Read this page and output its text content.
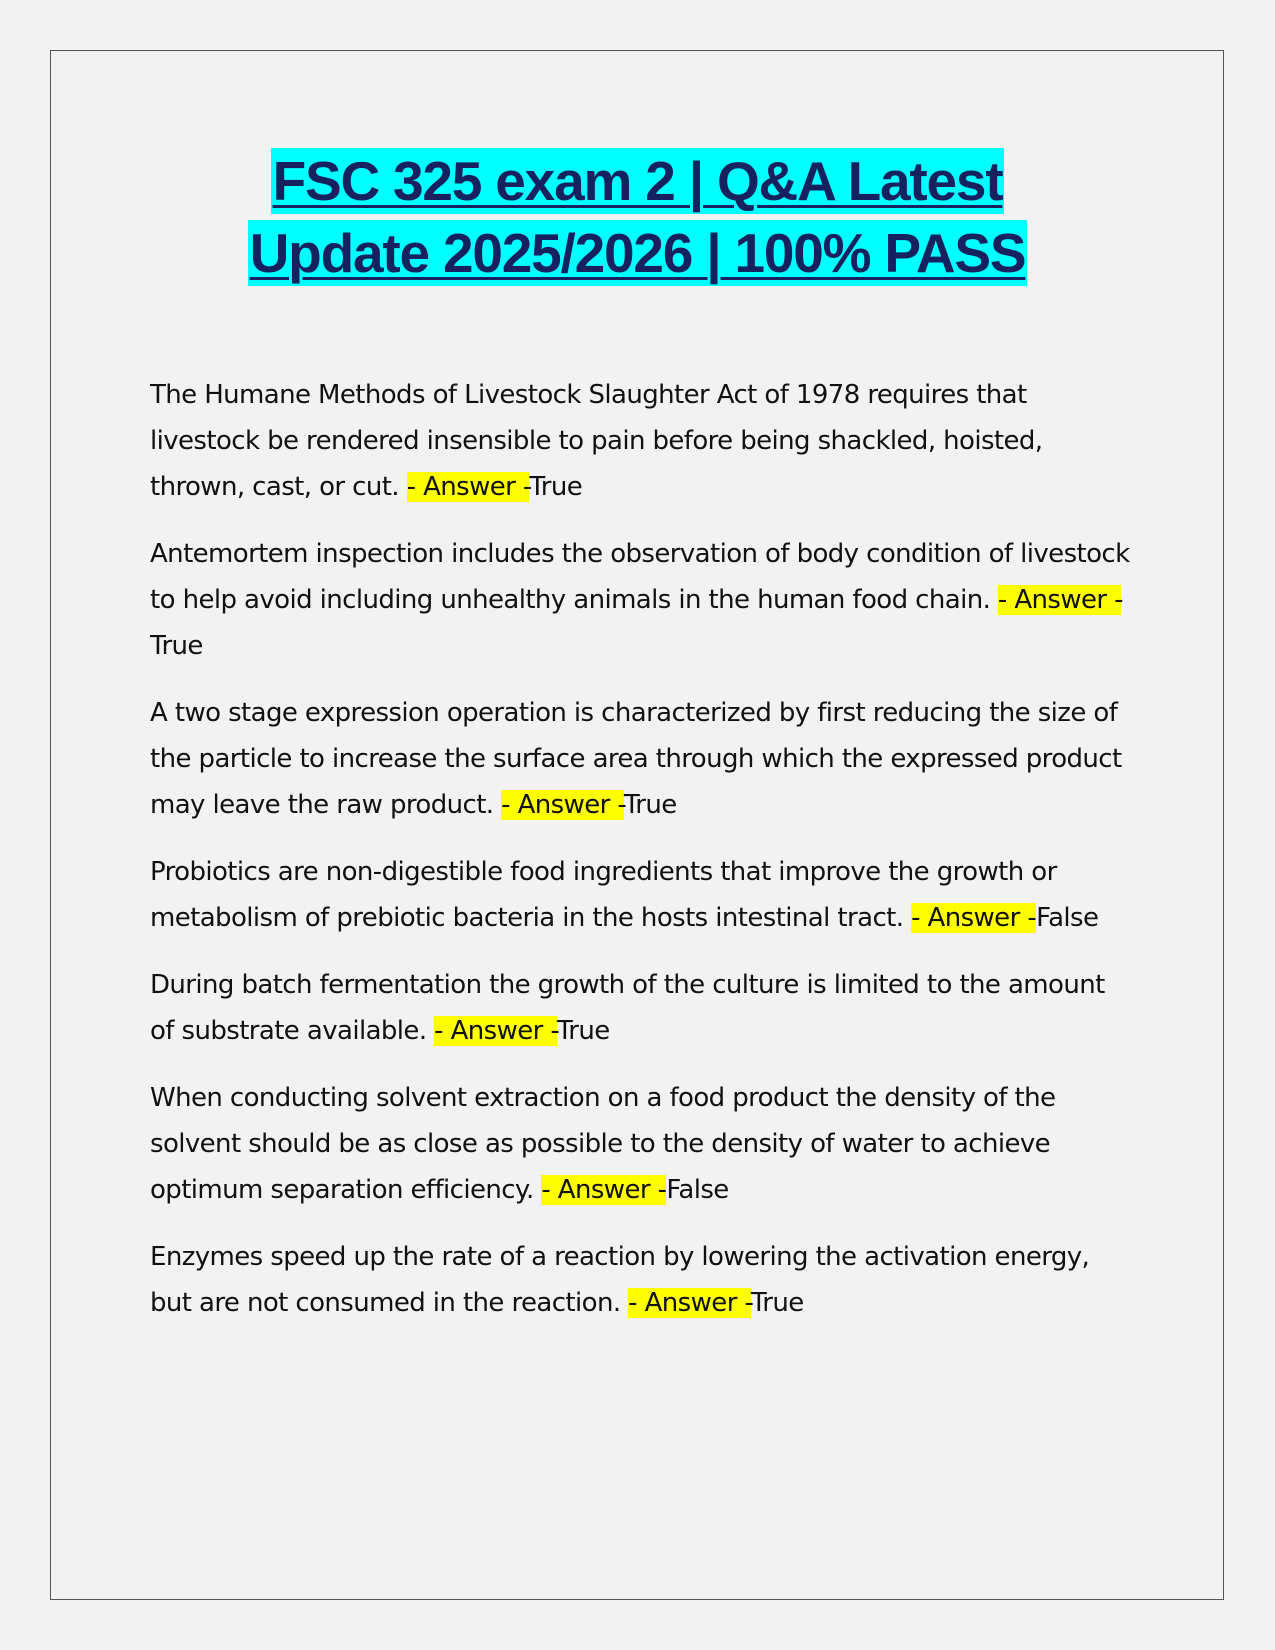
FSC 325 exam 2 | Q&A Latest
Update 2025/2026 | 100% PASS

The Humane Methods of Livestock Slaughter Act of 1978 requires that livestock be rendered insensible to pain before being shackled, hoisted, thrown, cast, or cut. - Answer -True

Antemortem inspection includes the observation of body condition of livestock to help avoid including unhealthy animals in the human food chain. - Answer -True

A two stage expression operation is characterized by first reducing the size of the particle to increase the surface area through which the expressed product may leave the raw product. - Answer -True

Probiotics are non-digestible food ingredients that improve the growth or metabolism of prebiotic bacteria in the hosts intestinal tract. - Answer -False

During batch fermentation the growth of the culture is limited to the amount of substrate available. - Answer -True

When conducting solvent extraction on a food product the density of the solvent should be as close as possible to the density of water to achieve optimum separation efficiency. - Answer -False

Enzymes speed up the rate of a reaction by lowering the activation energy, but are not consumed in the reaction. - Answer -True
